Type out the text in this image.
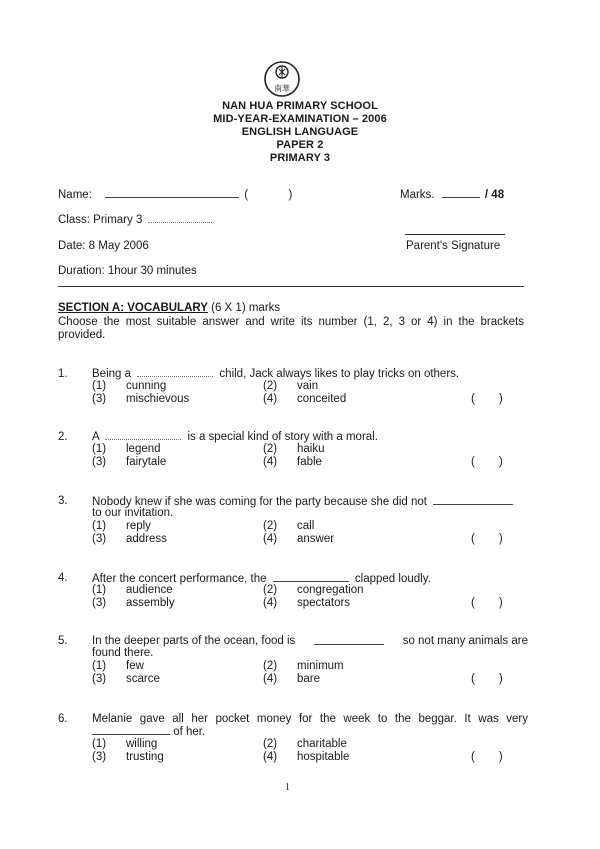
南華
NAN HUA PRIMARY SCHOOL
MID-YEAR-EXAMINATION – 2006
ENGLISH LANGUAGE
PAPER 2
PRIMARY 3
Name:	(	)	Marks.	/ 48
Class: Primary 3
Date: 8 May 2006	Parent's Signature
Duration: 1hour 30 minutes
SECTION A: VOCABULARY (6 X 1) marks
Choose the most suitable answer and write its number (1, 2, 3 or 4) in the brackets
provided.
1. Being a	child, Jack always likes to play tricks on others.
(1) cunning	(2) vain
(3) mischievous	(4) conceited	( )
2. A	is a special kind of story with a moral.
(1) legend	(2) haiku
(3) fairytale	(4) fable	( )
3. Nobody knew if she was coming for the party because she did not
to our invitation.
(1) reply	(2) call
(3) address	(4) answer	( )
4. After the concert performance, the	clapped loudly.
(1) audience	(2) congregation
(3) assembly	(4) spectators	( )
5. In the deeper parts of the ocean, food is	so not many animals are
found there.
(1) few	(2) minimum
(3) scarce	(4) bare	( )
6. Melanie gave all her pocket money for the week to the beggar. It was very
of her.
(1) willing	(2) charitable
(3) trusting	(4) hospitable	( )
1
